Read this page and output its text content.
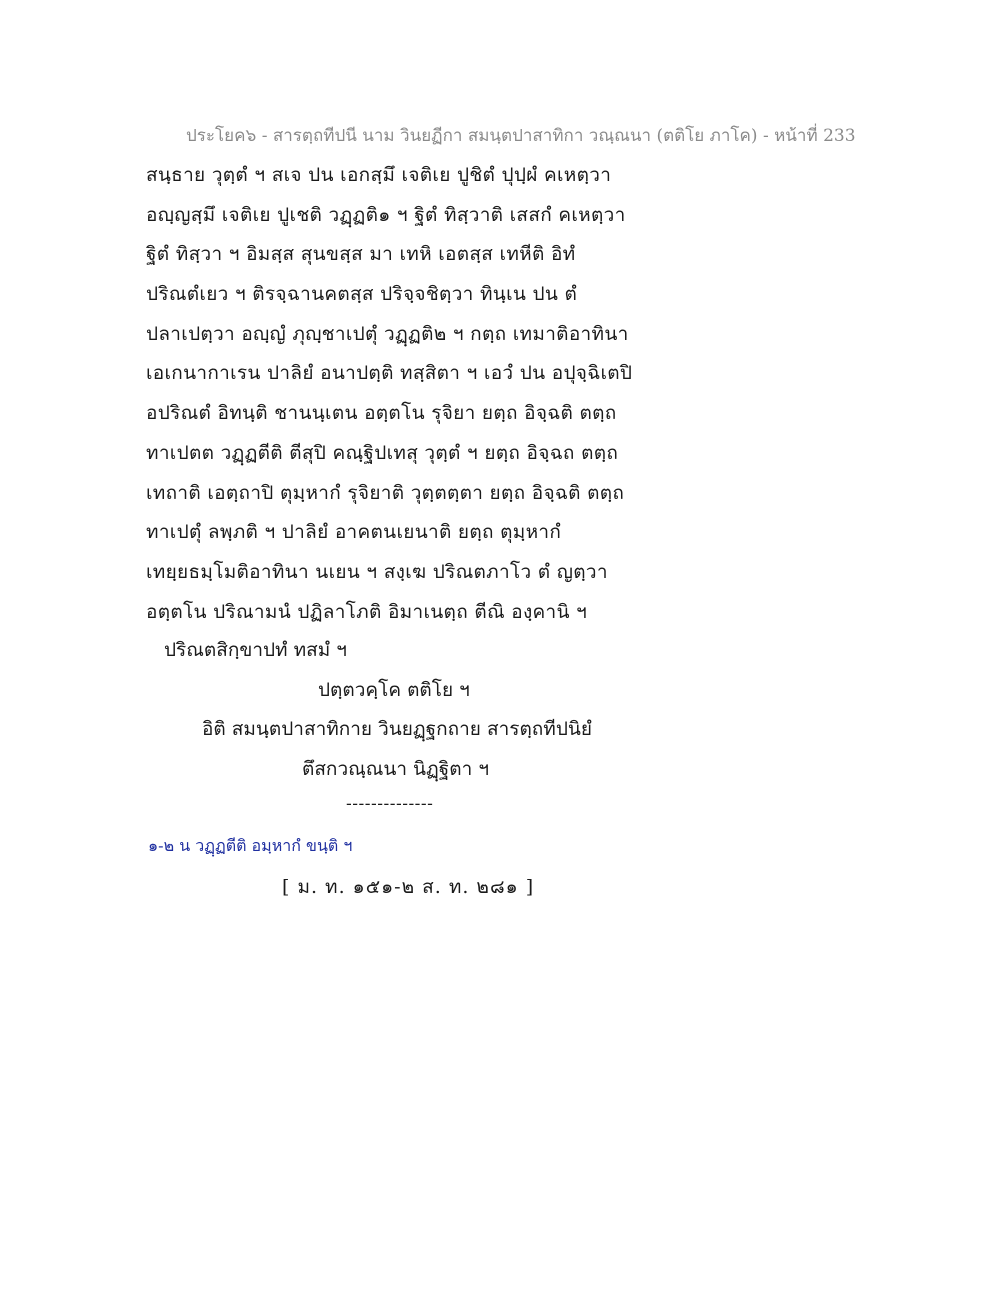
ประโยค๖ - สารตฺถทีปนี นาม วินยฏีกา สมนฺตปาสาทิกา วณฺณนา (ตติโย ภาโค) - หน้าที่ 233
สนฺธาย วุตฺตํ ฯ สเจ ปน เอกสฺมึ เจติเย ปูชิตํ ปุปฺผํ คเหตฺวา
อญฺญสฺมึ เจติเย ปูเชติ วฏฺฏติ๑ ฯ ฐิตํ ทิสฺวาติ เสสกํ คเหตฺวา
ฐิตํ ทิสฺวา ฯ อิมสฺส สุนขสฺส มา เทหิ เอตสฺส เทหีติ อิทํ
ปริณตํเยว ฯ ติรจฺฉานคตสฺส ปริจฺจชิตฺวา ทินฺเน ปน ตํ
ปลาเปตฺวา อญฺญํ ภุญฺชาเปตุํ วฏฺฏติ๒ ฯ กตฺถ เทมาติอาทินา
เอเกนากาเรน ปาลิยํ อนาปตฺติ ทสฺสิตา ฯ เอวํ ปน อปุจฺฉิเตปิ
อปริณตํ อิทนฺติ ชานนฺเตน อตฺตโน รุจิยา ยตฺถ อิจฺฉติ ตตฺถ
ทาเปตต วฏฺฏตีติ ตีสุปิ คณฺฐิปเทสุ วุตฺตํ ฯ ยตฺถ อิจฺฉถ ตตฺถ
เทถาติ เอตฺถาปิ ตุมฺหากํ รุจิยาติ วุตฺตตฺตา ยตฺถ อิจฺฉติ ตตฺถ
ทาเปตุํ ลพฺภติ ฯ ปาลิยํ อาคตนเยนาติ ยตฺถ ตุมฺหากํ
เทยฺยธมฺโมติอาทินา นเยน ฯ สงฺเฆ ปริณตภาโว ตํ ญตฺวา
อตฺตโน ปริณามนํ ปฏิลาโภติ อิมาเนตฺถ ตีณิ องฺคานิ ฯ
ปริณตสิกฺขาปทํ ทสมํ ฯ
ปตฺตวคฺโค ตติโย ฯ
อิติ สมนฺตปาสาทิกาย วินยฏฺฐกถาย สารตฺถทีปนิยํ
ตึสกวณฺณนา นิฏฺฐิตา ฯ
--------------
๑-๒ น วฏฺฏตีติ อมฺหากํ ขนฺติ ฯ
[ ม. ท. ๑๕๑-๒ ส. ท. ๒๘๑ ]
